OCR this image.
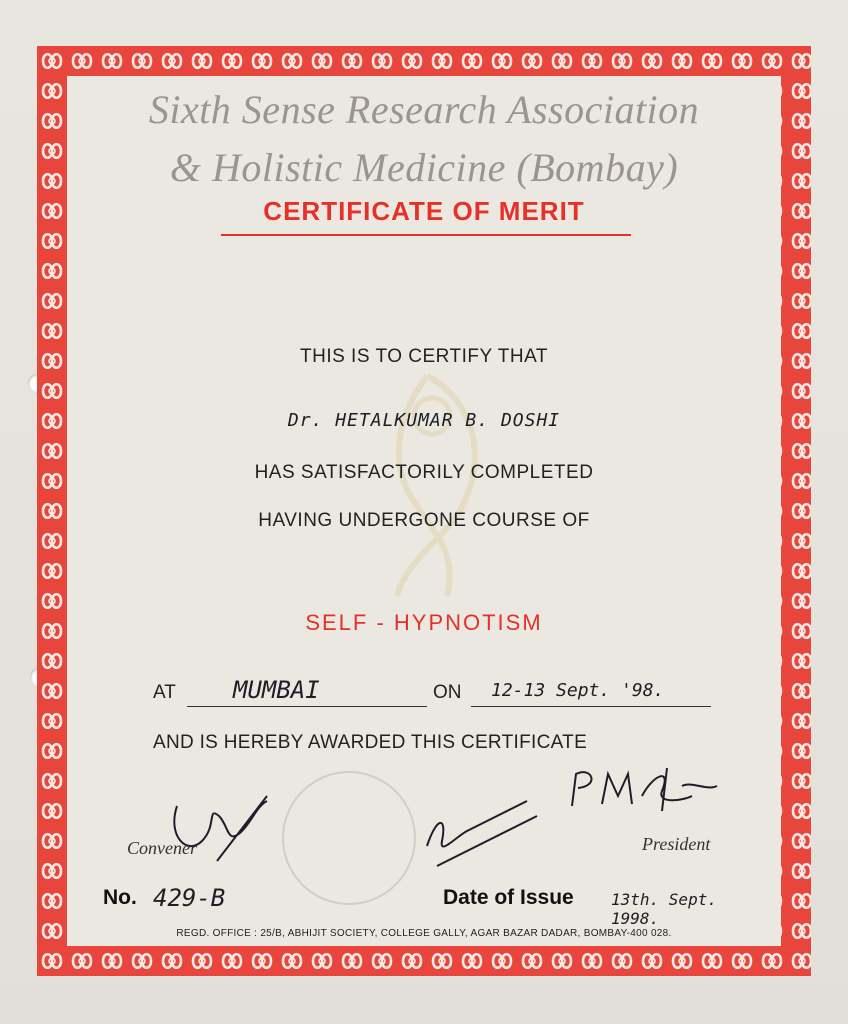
Sixth Sense Research Association
& Holistic Medicine (Bombay)
CERTIFICATE OF MERIT
THIS IS TO CERTIFY THAT
Dr. HETALKUMAR B. DOSHI
HAS SATISFACTORILY COMPLETED
HAVING UNDERGONE COURSE OF
SELF - HYPNOTISM
AT MUMBAI	ON 12-13 Sept. '98.
AND IS HEREBY AWARDED THIS CERTIFICATE
Convener	President
No. 429-B	Date of Issue 13th. Sept. 1998.
REGD. OFFICE : 25/B, ABHIJIT SOCIETY, COLLEGE GALLY, AGAR BAZAR DADAR, BOMBAY-400 028.
